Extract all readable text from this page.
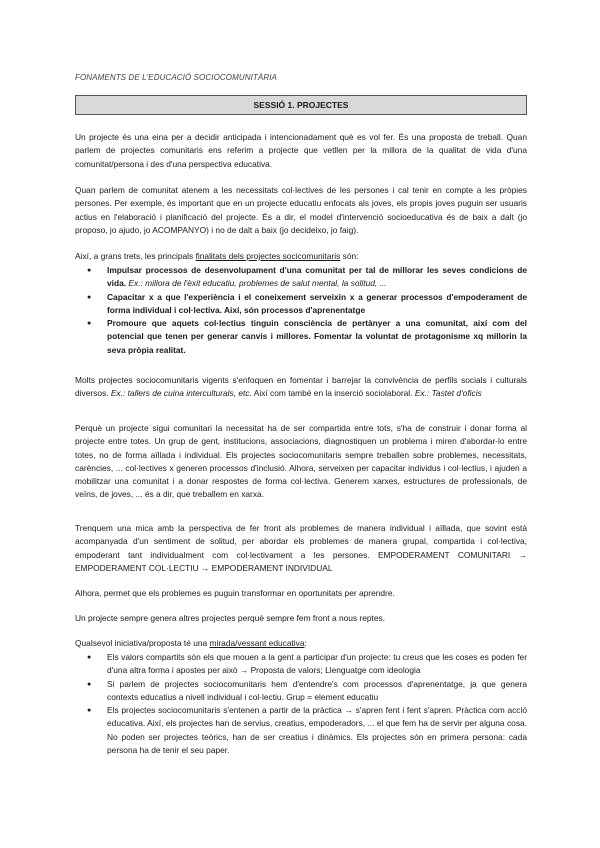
FONAMENTS DE L'EDUCACIÓ SOCIOCOMUNITÀRIA
SESSIÓ 1. PROJECTES
Un projecte és una eina per a decidir anticipada i intencionadament què es vol fer. És una proposta de treball. Quan parlem de projectes comunitaris ens referim a projecte que vetllen per la millora de la qualitat de vida d'una comunitat/persona i des d'una perspectiva educativa.
Quan parlem de comunitat atenem a les necessitats col·lectives de les persones i cal tenir en compte a les pròpies persones. Per exemple, és important que en un projecte educatiu enfocats als joves, els propis joves puguin ser usuaris actius en l'elaboració i planificació del projecte. És a dir, el model d'intervenció socioeducativa és de baix a dalt (jo proposo, jo ajudo, jo ACOMPANYO) i no de dalt a baix (jo decideixo, jo faig).
Així, a grans trets, les principals finalitats dels projectes socicomunitaris són:
● Impulsar processos de desenvolupament d'una comunitat per tal de millorar les seves condicions de vida. Ex.: millora de l'èxit educatiu, problemes de salut mental, la solitud, ...
● Capacitar x a que l'experiència i el coneixement serveixin x a generar processos d'empoderament de forma individual i col·lectiva. Així, són processos d'aprenentatge
● Promoure que aquets col·lectius tinguin consciència de pertànyer a una comunitat, així com del potencial que tenen per generar canvis i millores. Fomentar la voluntat de protagonisme xq millorin la seva pròpia realitat.
Molts projectes sociocomunitaris vigents s'enfoquen en fomentar i barrejar la convivència de perfils socials i culturals diversos. Ex.: tallers de cuina interculturals, etc. Així com també en la inserció sociolaboral. Ex.: Tastet d'oficis
Perquè un projecte sigui comunitari la necessitat ha de ser compartida entre tots, s'ha de construir i donar forma al projecte entre totes. Un grup de gent, institucions, associacions, diagnostiquen un problema i miren d'abordar-lo entre totes, no de forma aïllada i individual. Els projectes sociocomunitaris sempre treballen sobre problemes, necessitats, carències, ... col·lectives x generen processos d'inclusió. Alhora, serveixen per capacitar individus i col·lectius, i ajuden a mobilitzar una comunitat i a donar respostes de forma col·lectiva. Generem xarxes, estructures de professionals, de veïns, de joves, ... és a dir, que treballem en xarxa.
Trenquem una mica amb la perspectiva de fer front als problemes de manera individual i aïllada, que sovint està acompanyada d'un sentiment de solitud, per abordar els problemes de manera grupal, compartida i col·lectiva, empoderant tant individualment com col·lectivament a les persones. EMPODERAMENT COMUNITARI → EMPODERAMENT COL·LECTIU → EMPODERAMENT INDIVIDUAL
Alhora, permet que els problemes es puguin transformar en oportunitats per aprendre.
Un projecte sempre genera altres projectes perquè sempre fem front a nous reptes.
Qualsevol iniciativa/proposta té una mirada/vessant educativa:
● Els valors compartits són els que mouen a la gent a participar d'un projecte: tu creus que les coses es poden fer d'una altra forma i apostes per això → Proposta de valors; Llenguatge com ideologia
● Si parlem de projectes sociocomunitaris hem d'entendre's com processos d'aprenentatge, ja que genera contexts educatius a nivell individual i col·lectiu. Grup = element educatiu
● Els projectes sociocomunitaris s'entenen a partir de la pràctica → s'apren fent i fent s'apren. Pràctica com acció educativa. Així, els projectes han de servius, creatius, empoderadors, ... el que fem ha de servir per alguna cosa. No poden ser projectes teòrics, han de ser creatius i dinàmics. Els projectes són en primera persona: cada persona ha de tenir el seu paper.
